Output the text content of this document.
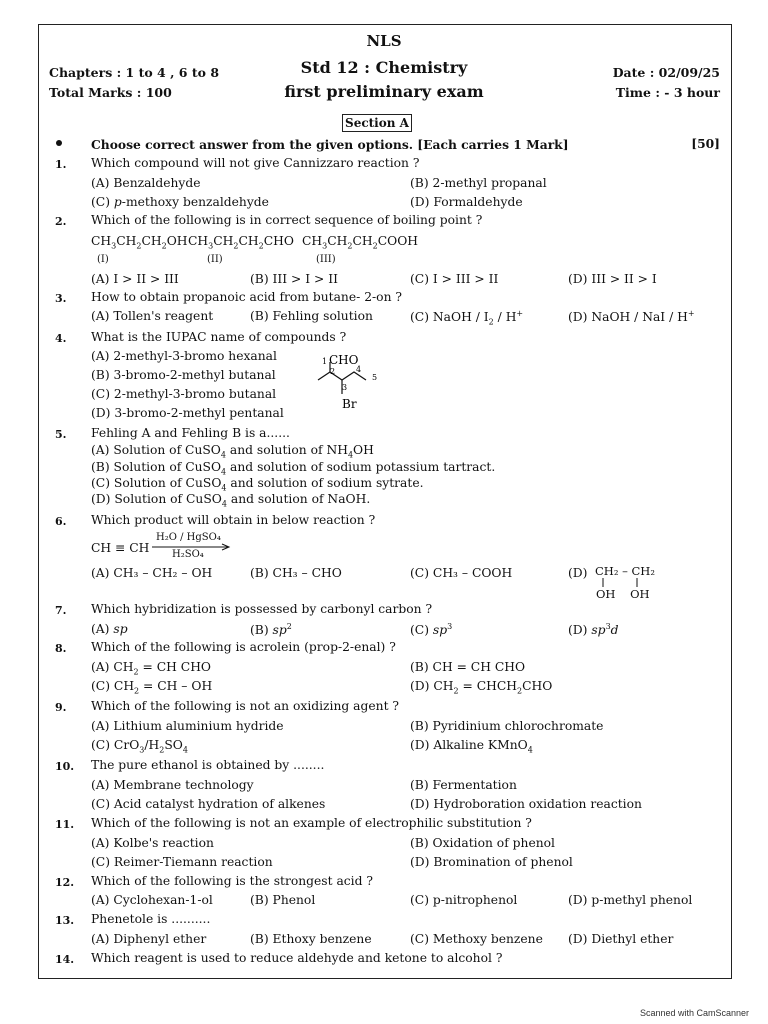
NLS
Std 12 : Chemistry
first preliminary exam
Chapters : 1 to 4 , 6 to 8
Total Marks : 100
Date : 02/09/25
Time : - 3 hour
Section A
Choose correct answer from the given options. [Each carries 1 Mark]	[50]
1. Which compound will not give Cannizzaro reaction ?
(A) Benzaldehyde	(B) 2-methyl propanal
(C) p-methoxy benzaldehyde	(D) Formaldehyde
2. Which of the following is in correct sequence of boiling point ?
$CH_3CH_2CH_2OH$ $CH_3CH_2CH_2CHO$ $CH_3CH_2CH_2COOH$
(I)	(II)	(III)
(A) I > II > III	(B) III > I > II	(C) I > III > II	(D) III > II > I
3. How to obtain propanoic acid from butane- 2-on ?
(A) Tollen's reagent	(B) Fehling solution	(C) NaOH / $I_2 / H^+$	(D) NaOH / NaI / H+
4. What is the IUPAC name of compounds ?
(A) 2-methyl-3-bromo hexanal
(B) 3-bromo-2-methyl butanal
(C) 2-methyl-3-bromo butanal
(D) 3-bromo-2-methyl pentanal
1 CHO
2
3
4
5
Br
5. Fehling A and Fehling B is a......
(A) Solution of CuSO$_4$ and solution of $NH_4OH$
(B) Solution of CuSO$_4$ and solution of sodium potassium tartract.
(C) Solution of CuSO$_4$ and solution of sodium sytrate.
(D) Solution of CuSO$_4$ and solution of NaOH.
6. Which product will obtain in below reaction ?
CH ≡ CH
H₂O / HgSO₄
H₂SO₄
(A) CH₃ – CH₂ – OH	(B) CH₃ – CHO	(C) CH₃ – COOH	(D) CH₂ – CH₂
OH    OH
7. Which hybridization is possessed by carbonyl carbon ?
(A) sp	(B) $sp^2$	(C) $sp^3$	(D) $sp^3d$
8. Which of the following is acrolein (prop-2-enal) ?
(A) $CH_2$ = CH CHO	(B) CH = CH CHO
(C) $CH_2$ = CH – OH	(D) $CH_2$ = $CHCH_2CHO$
9. Which of the following is not an oxidizing agent ?
(A) Lithium aluminium hydride	(B) Pyridinium chlorochromate
(C) $CrO_3/H_2SO_4$	(D) Alkaline KMnO$_4$
10. The pure ethanol is obtained by ........
(A) Membrane technology	(B) Fermentation
(C) Acid catalyst hydration of alkenes	(D) Hydroboration oxidation reaction
11. Which of the following is not an example of electrophilic substitution ?
(A) Kolbe's reaction	(B) Oxidation of phenol
(C) Reimer-Tiemann reaction	(D) Bromination of phenol
12. Which of the following is the strongest acid ?
(A) Cyclohexan-1-ol	(B) Phenol	(C) p-nitrophenol	(D) p-methyl phenol
13. Phenetole is ..........
(A) Diphenyl ether	(B) Ethoxy benzene	(C) Methoxy benzene (D) Diethyl ether
14. Which reagent is used to reduce aldehyde and ketone to alcohol ?
Scanned with CamScanner
